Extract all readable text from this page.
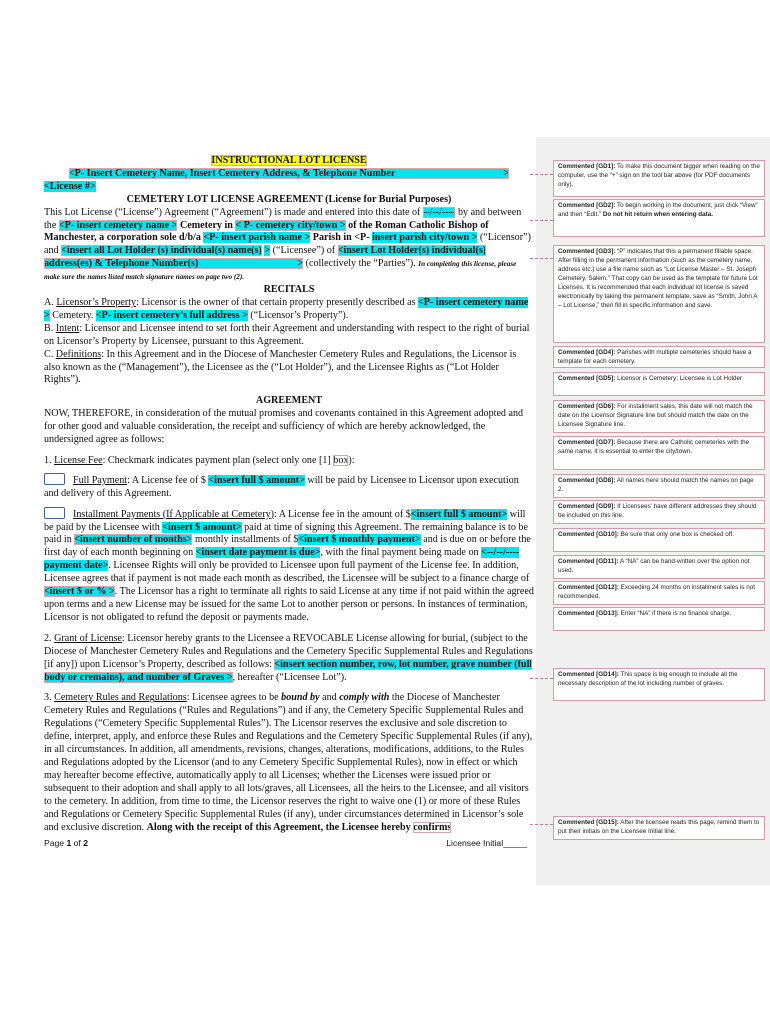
INSTRUCTIONAL LOT LICENSE

<P- Insert Cemetery Name, Insert Cemetery Address, & Telephone Number	>

<License #>

CEMETERY LOT LICENSE AGREEMENT (License for Burial Purposes)

This Lot License (“License”) Agreement (“Agreement”) is made and entered into this date of --/--/---- by and between the <P- insert cemetery name > Cemetery in < P- cemetery city/town > of the Roman Catholic Bishop of Manchester, a corporation sole d/b/a <P- insert parish name > Parish in <P- insert parish city/town > (“Licensor”) and <insert all Lot Holder (s) individual(s) name(s) > (“Licensee”) of <insert Lot Holder(s) individual(s) address(es) & Telephone Number(s)	> (collectively the “Parties”). In completing this license, please make sure the names listed match signature names on page two (2).

RECITALS

A. Licensor’s Property: Licensor is the owner of that certain property presently described as <P- insert cemetery name > Cemetery. <P- insert cemetery’s full address > (“Licensor’s Property”).

B. Intent: Licensor and Licensee intend to set forth their Agreement and understanding with respect to the right of burial on Licensor’s Property by Licensee, pursuant to this Agreement.

C. Definitions: In this Agreement and in the Diocese of Manchester Cemetery Rules and Regulations, the Licensor is also known as the (“Management”), the Licensee as the (“Lot Holder”), and the Licensee Rights as (“Lot Holder Rights”).

AGREEMENT

NOW, THEREFORE, in consideration of the mutual promises and covenants contained in this Agreement adopted and for other good and valuable consideration, the receipt and sufficiency of which are hereby acknowledged, the undersigned agree as follows:

1. License Fee: Checkmark indicates payment plan (select only one [1] box):

Full Payment: A License fee of $ <insert full $ amount> will be paid by Licensee to Licensor upon execution and delivery of this Agreement.

Installment Payments (If Applicable at Cemetery): A License fee in the amount of $<insert full $ amount> will be paid by the Licensee with <insert $ amount> paid at time of signing this Agreement. The remaining balance is to be paid in <insert number of months> monthly installments of $<insert $ monthly payment> and is due on or before the first day of each month beginning on <insert date payment is due>, with the final payment being made on <--/--/---- payment date>. Licensee Rights will only be provided to Licensee upon full payment of the License fee. In addition, Licensee agrees that if payment is not made each month as described, the Licensee will be subject to a finance charge of <insert $ or % >. The Licensor has a right to terminate all rights to said License at any time if not paid within the agreed upon terms and a new License may be issued for the same Lot to another person or persons. In instances of termination, Licensor is not obligated to refund the deposit or payments made.

2. Grant of License: Licensor hereby grants to the Licensee a REVOCABLE License allowing for burial, (subject to the Diocese of Manchester Cemetery Rules and Regulations and the Cemetery Specific Supplemental Rules and Regulations [if any]) upon Licensor’s Property, described as follows: <insert section number, row, lot number, grave number (full body or cremains), and number of Graves >, hereafter (“Licensee Lot”).

3. Cemetery Rules and Regulations: Licensee agrees to be bound by and comply with the Diocese of Manchester Cemetery Rules and Regulations (“Rules and Regulations”) and if any, the Cemetery Specific Supplemental Rules and Regulations (“Cemetery Specific Supplemental Rules”). The Licensor reserves the exclusive and sole discretion to define, interpret, apply, and enforce these Rules and Regulations and the Cemetery Specific Supplemental Rules (if any), in all circumstances. In addition, all amendments, revisions, changes, alterations, modifications, additions, to the Rules and Regulations adopted by the Licensor (and to any Cemetery Specific Supplemental Rules), now in effect or which may hereafter become effective, automatically apply to all Licenses; whether the Licenses were issued prior or subsequent to their adoption and shall apply to all lots/graves, all Licensees, all the heirs to the Licensee, and all visitors to the cemetery. In addition, from time to time, the Licensor reserves the right to waive one (1) or more of these Rules and Regulations or Cemetery Specific Supplemental Rules (if any), under circumstances determined in Licensor’s sole and exclusive discretion. Along with the receipt of this Agreement, the Licensee hereby confirms

Page 1 of 2	Licensee Initial_____
Commented [GD1]: To make this document bigger when reading on the computer, use the “+” sign on the tool bar above (for PDF documents only).
Commented [GD2]: To begin working in the document, just click “View” and then “Edit.” Do not hit return when entering data.
Commented [GD3]: “P” indicates that this a permanent fillable space. After filling in the permanent information (such as the cemetery name, address etc.) use a file name such as “Lot License Master – St. Joseph Cemetery, Salem.” That copy can be used as the template for future Lot Licenses. It is recommended that each individual lot license is saved electronically by taking the permanent template, save as “Smith, John A – Lot License,” then fill in specific information and save.
Commented [GD4]: Parishes with multiple cemeteries should have a template for each cemetery.
Commented [GD5]: Licensor is Cemetery; Licensee is Lot Holder
Commented [GD6]: For installment sales, this date will not match the date on the Licensor Signature line but should match the date on the Licensee Signature line.
Commented [GD7]: Because there are Catholic cemeteries with the same name, it is essential to enter the city/town.
Commented [GD8]: All names here should match the names on page 2.
Commented [GD9]: If Licensees’ have different addresses they should be included on this line.
Commented [GD10]: Be sure that only one box is checked off.
Commented [GD11]: A “NA” can be hand-written over the option not used.
Commented [GD12]: Exceeding 24 months on installment sales is not recommended.
Commented [GD13]: Enter “NA” if there is no finance charge.
Commented [GD14]: This space is big enough to include all the necessary description of the lot including number of graves.
Commented [GD15]: After the licensee reads this page, remind them to put their initials on the Licensee Initial line.
